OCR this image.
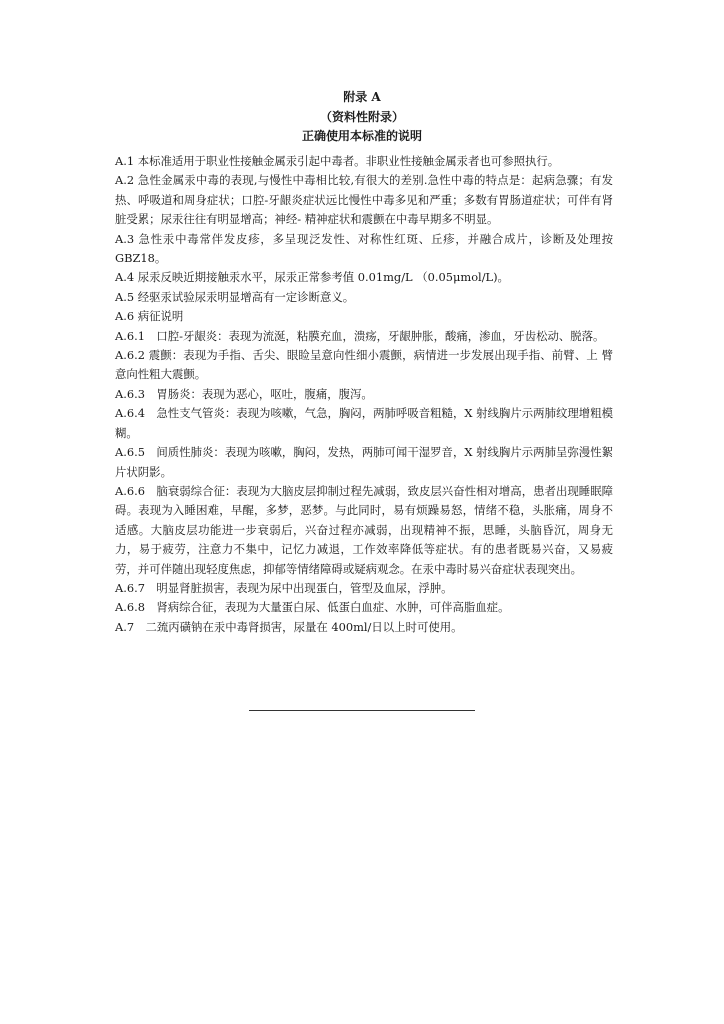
附录 A
（资料性附录）
正确使用本标准的说明

A.1 本标准适用于职业性接触金属汞引起中毒者。非职业性接触金属汞者也可参照执行。

A.2 急性金属汞中毒的表现,与慢性中毒相比较,有很大的差别.急性中毒的特点是：起病急骤；有发热、呼吸道和周身症状；口腔-牙龈炎症状远比慢性中毒多见和严重；多数有胃肠道症状；可伴有肾脏受累；尿汞往往有明显增高；神经- 精神症状和震颤在中毒早期多不明显。

A.3 急性汞中毒常伴发皮疹，多呈现泛发性、对称性红斑、丘疹，并融合成片，诊断及处理按 GBZ18。

A.4 尿汞反映近期接触汞水平，尿汞正常参考值 0.01mg/L （0.05μmol/L)。

A.5 经驱汞试验尿汞明显增高有一定诊断意义。

A.6 病征说明

A.6.1　口腔-牙龈炎：表现为流涎，粘膜充血，溃疡，牙龈肿胀，酸痛，渗血，牙齿松动、脱落。

A.6.2 震颤：表现为手指、舌尖、眼睑呈意向性细小震颤，病情进一步发展出现手指、前臂、上 臂意向性粗大震颤。

A.6.3　胃肠炎：表现为恶心，呕吐，腹痛，腹泻。

A.6.4　急性支气管炎：表现为咳嗽，气急，胸闷，两肺呼吸音粗糙，X 射线胸片示两肺纹理增粗模糊。

A.6.5　间质性肺炎：表现为咳嗽，胸闷，发热，两肺可闻干湿罗音，X 射线胸片示两肺呈弥漫性絮片状阴影。

A.6.6　脑衰弱综合征：表现为大脑皮层抑制过程先减弱，致皮层兴奋性相对增高，患者出现睡眠障碍。表现为入睡困难，早醒，多梦，恶梦。与此同时，易有烦躁易怒，情绪不稳，头胀痛，周身不适感。大脑皮层功能进一步衰弱后，兴奋过程亦减弱，出现精神不振，思睡，头脑昏沉，周身无力，易于疲劳，注意力不集中，记忆力减退，工作效率降低等症状。有的患者既易兴奋，又易疲劳，并可伴随出现轻度焦虑，抑郁等情绪障碍或疑病观念。在汞中毒时易兴奋症状表现突出。

A.6.7　明显肾脏损害，表现为尿中出现蛋白，管型及血尿，浮肿。

A.6.8　肾病综合征，表现为大量蛋白尿、低蛋白血症、水肿，可伴高脂血症。

A.7　二巯丙磺钠在汞中毒肾损害，尿量在 400ml/日以上时可使用。
